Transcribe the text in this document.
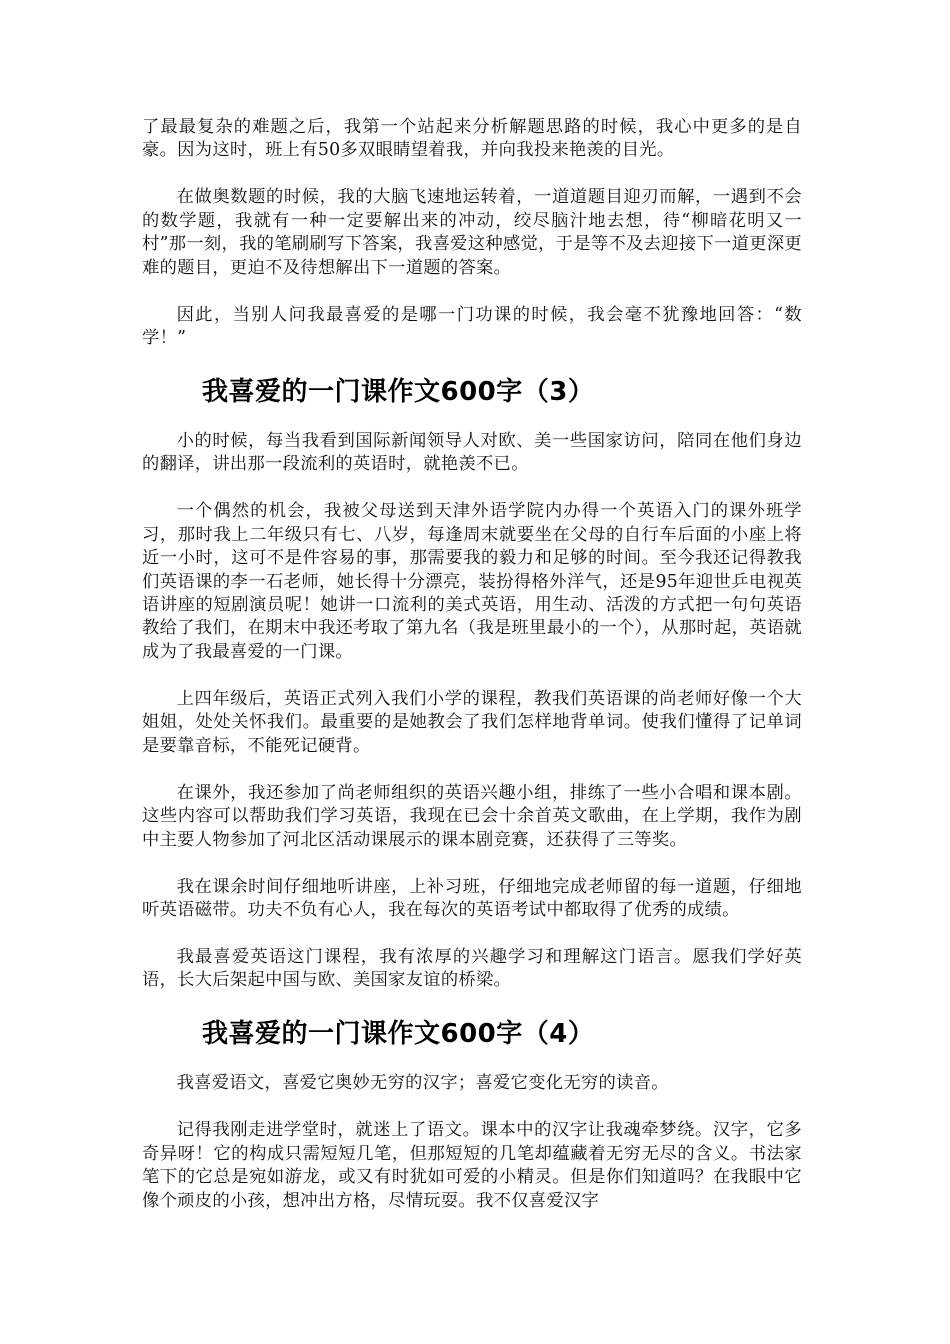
了最最复杂的难题之后，我第一个站起来分析解题思路的时候，我心中更多的是自豪。因为这时，班上有50多双眼睛望着我，并向我投来艳羡的目光。

在做奥数题的时候，我的大脑飞速地运转着，一道道题目迎刃而解，一遇到不会的数学题，我就有一种一定要解出来的冲动，绞尽脑汁地去想，待“柳暗花明又一村”那一刻，我的笔刷刷写下答案，我喜爱这种感觉，于是等不及去迎接下一道更深更难的题目，更迫不及待想解出下一道题的答案。

因此，当别人问我最喜爱的是哪一门功课的时候，我会毫不犹豫地回答：“数学！”

我喜爱的一门课作文600字（3）

小的时候，每当我看到国际新闻领导人对欧、美一些国家访问，陪同在他们身边的翻译，讲出那一段流利的英语时，就艳羡不已。

一个偶然的机会，我被父母送到天津外语学院内办得一个英语入门的课外班学习，那时我上二年级只有七、八岁，每逢周末就要坐在父母的自行车后面的小座上将近一小时，这可不是件容易的事，那需要我的毅力和足够的时间。至今我还记得教我们英语课的李一石老师，她长得十分漂亮，装扮得格外洋气，还是95年迎世乒电视英语讲座的短剧演员呢！她讲一口流利的美式英语，用生动、活泼的方式把一句句英语教给了我们，在期末中我还考取了第九名（我是班里最小的一个），从那时起，英语就成为了我最喜爱的一门课。

上四年级后，英语正式列入我们小学的课程，教我们英语课的尚老师好像一个大姐姐，处处关怀我们。最重要的是她教会了我们怎样地背单词。使我们懂得了记单词是要靠音标，不能死记硬背。

在课外，我还参加了尚老师组织的英语兴趣小组，排练了一些小合唱和课本剧。这些内容可以帮助我们学习英语，我现在已会十余首英文歌曲，在上学期，我作为剧中主要人物参加了河北区活动课展示的课本剧竞赛，还获得了三等奖。

我在课余时间仔细地听讲座，上补习班，仔细地完成老师留的每一道题，仔细地听英语磁带。功夫不负有心人，我在每次的英语考试中都取得了优秀的成绩。

我最喜爱英语这门课程，我有浓厚的兴趣学习和理解这门语言。愿我们学好英语，长大后架起中国与欧、美国家友谊的桥梁。

我喜爱的一门课作文600字（4）

我喜爱语文，喜爱它奥妙无穷的汉字；喜爱它变化无穷的读音。

记得我刚走进学堂时，就迷上了语文。课本中的汉字让我魂牵梦绕。汉字，它多奇异呀！它的构成只需短短几笔，但那短短的几笔却蕴藏着无穷无尽的含义。书法家笔下的它总是宛如游龙，或又有时犹如可爱的小精灵。但是你们知道吗？在我眼中它像个顽皮的小孩，想冲出方格，尽情玩耍。我不仅喜爱汉字
